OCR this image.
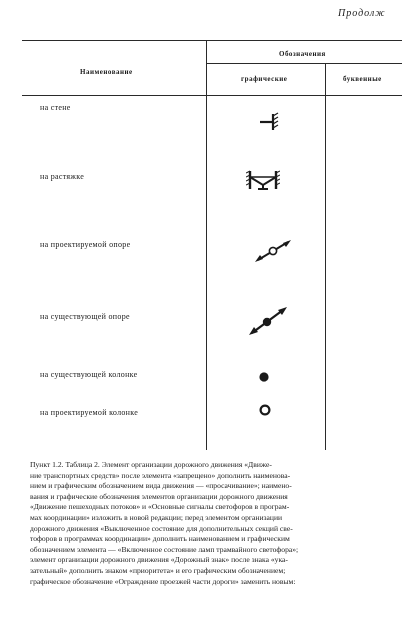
Продолж
Наименование
Обозначения
графические	буквенные
на стене
на растяжке
на проектируемой опоре
на существующей опоре
на существующей колонке
на проектируемой колонке
Пункт 1.2. Таблица 2. Элемент организации дорожного движения «Движе-
ние транспортных средств» после элемента «запрещено» дополнить наименова-
нием и графическим обозначением вида движения — «просачивание»; наимено-
вания и графические обозначения элементов организации дорожного движения
«Движение пешеходных потоков» и «Основные сигналы светофоров в програм-
мах координации» изложить в новой редакции; перед элементом организации
дорожного движения «Выключенное состояние для дополнительных секций све-
тофоров в программах координации» дополнить наименованием и графическим
обозначением элемента — «Включенное состояние ламп трамвайного светофора»;
элемент организации дорожного движения «Дорожный знак» после знака «ука-
зательный» дополнить знаком «приоритета» и его графическим обозначением;
графическое обозначение «Ограждение проезжей части дороги» заменить новым:
